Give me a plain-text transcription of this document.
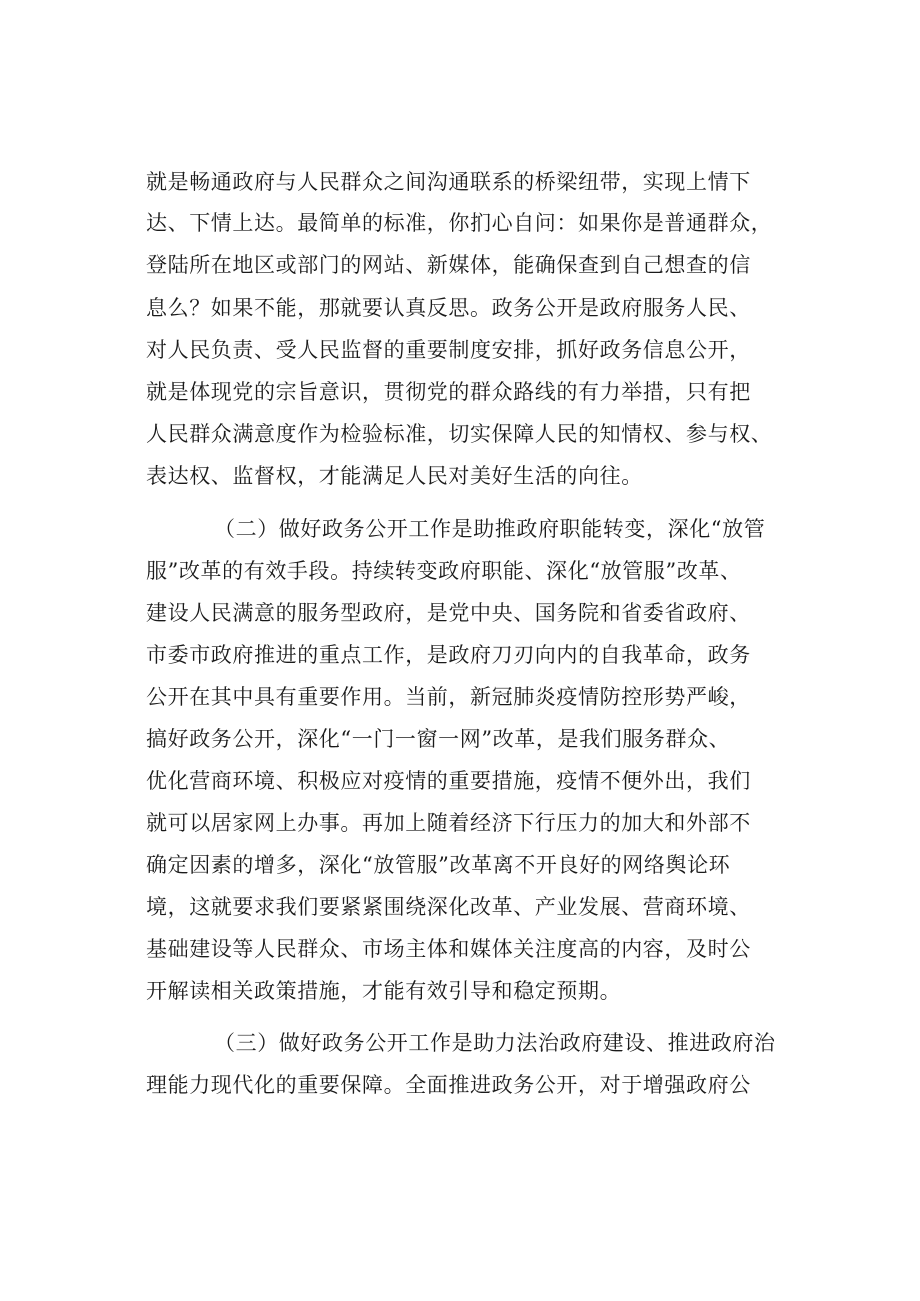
就是畅通政府与人民群众之间沟通联系的桥梁纽带，实现上情下
达、下情上达。最简单的标准，你扪心自问：如果你是普通群众，
登陆所在地区或部门的网站、新媒体，能确保查到自己想查的信
息么？如果不能，那就要认真反思。政务公开是政府服务人民、
对人民负责、受人民监督的重要制度安排，抓好政务信息公开，
就是体现党的宗旨意识，贯彻党的群众路线的有力举措，只有把
人民群众满意度作为检验标准，切实保障人民的知情权、参与权、
表达权、监督权，才能满足人民对美好生活的向往。
（二）做好政务公开工作是助推政府职能转变，深化“放管
服”改革的有效手段。持续转变政府职能、深化“放管服”改革、
建设人民满意的服务型政府，是党中央、国务院和省委省政府、
市委市政府推进的重点工作，是政府刀刃向内的自我革命，政务
公开在其中具有重要作用。当前，新冠肺炎疫情防控形势严峻，
搞好政务公开，深化“一门一窗一网”改革，是我们服务群众、
优化营商环境、积极应对疫情的重要措施，疫情不便外出，我们
就可以居家网上办事。再加上随着经济下行压力的加大和外部不
确定因素的增多，深化“放管服”改革离不开良好的网络舆论环
境，这就要求我们要紧紧围绕深化改革、产业发展、营商环境、
基础建设等人民群众、市场主体和媒体关注度高的内容，及时公
开解读相关政策措施，才能有效引导和稳定预期。
（三）做好政务公开工作是助力法治政府建设、推进政府治
理能力现代化的重要保障。全面推进政务公开，对于增强政府公
